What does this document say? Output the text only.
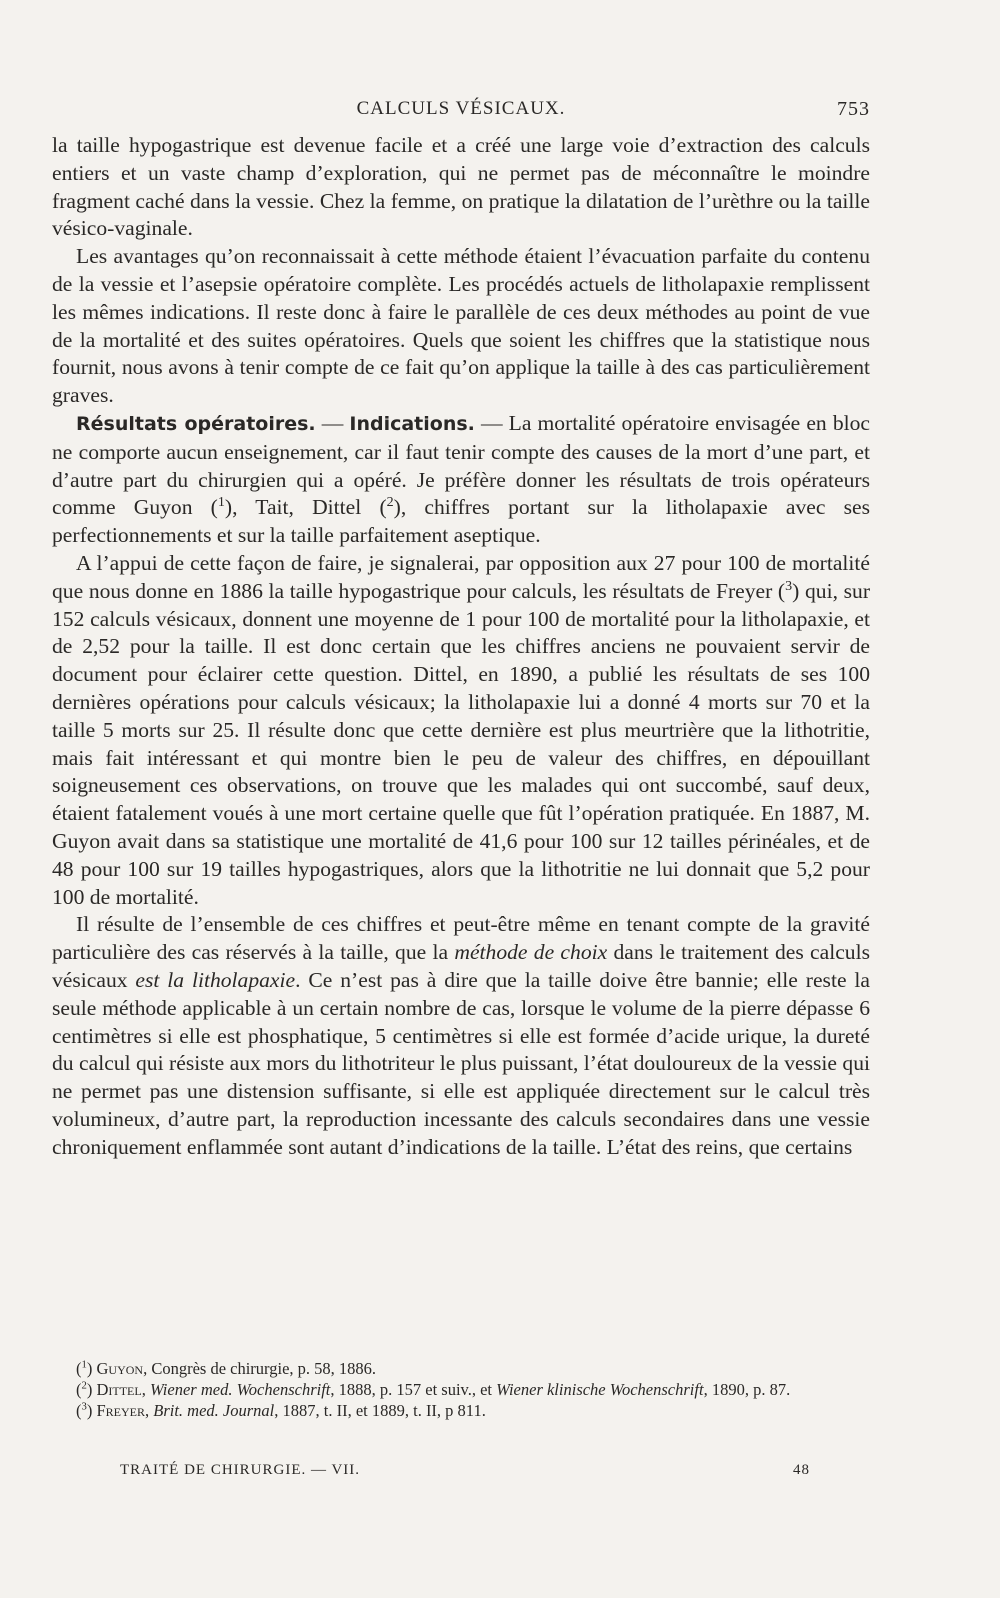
CALCULS VÉSICAUX.	753

la taille hypogastrique est devenue facile et a créé une large voie d’extraction des calculs entiers et un vaste champ d’exploration, qui ne permet pas de méconnaître le moindre fragment caché dans la vessie. Chez la femme, on pratique la dilatation de l’urèthre ou la taille vésico-vaginale.

Les avantages qu’on reconnaissait à cette méthode étaient l’évacuation parfaite du contenu de la vessie et l’asepsie opératoire complète. Les procédés actuels de litholapaxie remplissent les mêmes indications. Il reste donc à faire le parallèle de ces deux méthodes au point de vue de la mortalité et des suites opératoires. Quels que soient les chiffres que la statistique nous fournit, nous avons à tenir compte de ce fait qu’on applique la taille à des cas particulièrement graves.

Résultats opératoires. — Indications. — La mortalité opératoire envisagée en bloc ne comporte aucun enseignement, car il faut tenir compte des causes de la mort d’une part, et d’autre part du chirurgien qui a opéré. Je préfère donner les résultats de trois opérateurs comme Guyon ($^1$), Tait, Dittel ($^2$), chiffres portant sur la litholapaxie avec ses perfectionnements et sur la taille parfaitement aseptique.

A l’appui de cette façon de faire, je signalerai, par opposition aux 27 pour 100 de mortalité que nous donne en 1886 la taille hypogastrique pour calculs, les résultats de Freyer ($^3$) qui, sur 152 calculs vésicaux, donnent une moyenne de 1 pour 100 de mortalité pour la litholapaxie, et de 2,52 pour la taille. Il est donc certain que les chiffres anciens ne pouvaient servir de document pour éclairer cette question. Dittel, en 1890, a publié les résultats de ses 100 dernières opérations pour calculs vésicaux; la litholapaxie lui a donné 4 morts sur 70 et la taille 5 morts sur 25. Il résulte donc que cette dernière est plus meurtrière que la lithotritie, mais fait intéressant et qui montre bien le peu de valeur des chiffres, en dépouillant soigneusement ces observations, on trouve que les malades qui ont succombé, sauf deux, étaient fatalement voués à une mort certaine quelle que fût l’opération pratiquée. En 1887, M. Guyon avait dans sa statistique une mortalité de 41,6 pour 100 sur 12 tailles périnéales, et de 48 pour 100 sur 19 tailles hypogastriques, alors que la lithotritie ne lui donnait que 5,2 pour 100 de mortalité.

Il résulte de l’ensemble de ces chiffres et peut-être même en tenant compte de la gravité particulière des cas réservés à la taille, que la méthode de choix dans le traitement des calculs vésicaux est la litholapaxie. Ce n’est pas à dire que la taille doive être bannie; elle reste la seule méthode applicable à un certain nombre de cas, lorsque le volume de la pierre dépasse 6 centimètres si elle est phosphatique, 5 centimètres si elle est formée d’acide urique, la dureté du calcul qui résiste aux mors du lithotriteur le plus puissant, l’état douloureux de la vessie qui ne permet pas une distension suffisante, si elle est appliquée directement sur le calcul très volumineux, d’autre part, la reproduction incessante des calculs secondaires dans une vessie chroniquement enflammée sont autant d’indications de la taille. L’état des reins, que certains

($^1$) Guyon, Congrès de chirurgie, p. 58, 1886.

($^2$) Dittel, Wiener med. Wochenschrift, 1888, p. 157 et suiv., et Wiener klinische Wochenschrift, 1890, p. 87.

($^3$) Freyer, Brit. med. Journal, 1887, t. II, et 1889, t. II, p 811.

TRAITÉ DE CHIRURGIE. — VII.	48
